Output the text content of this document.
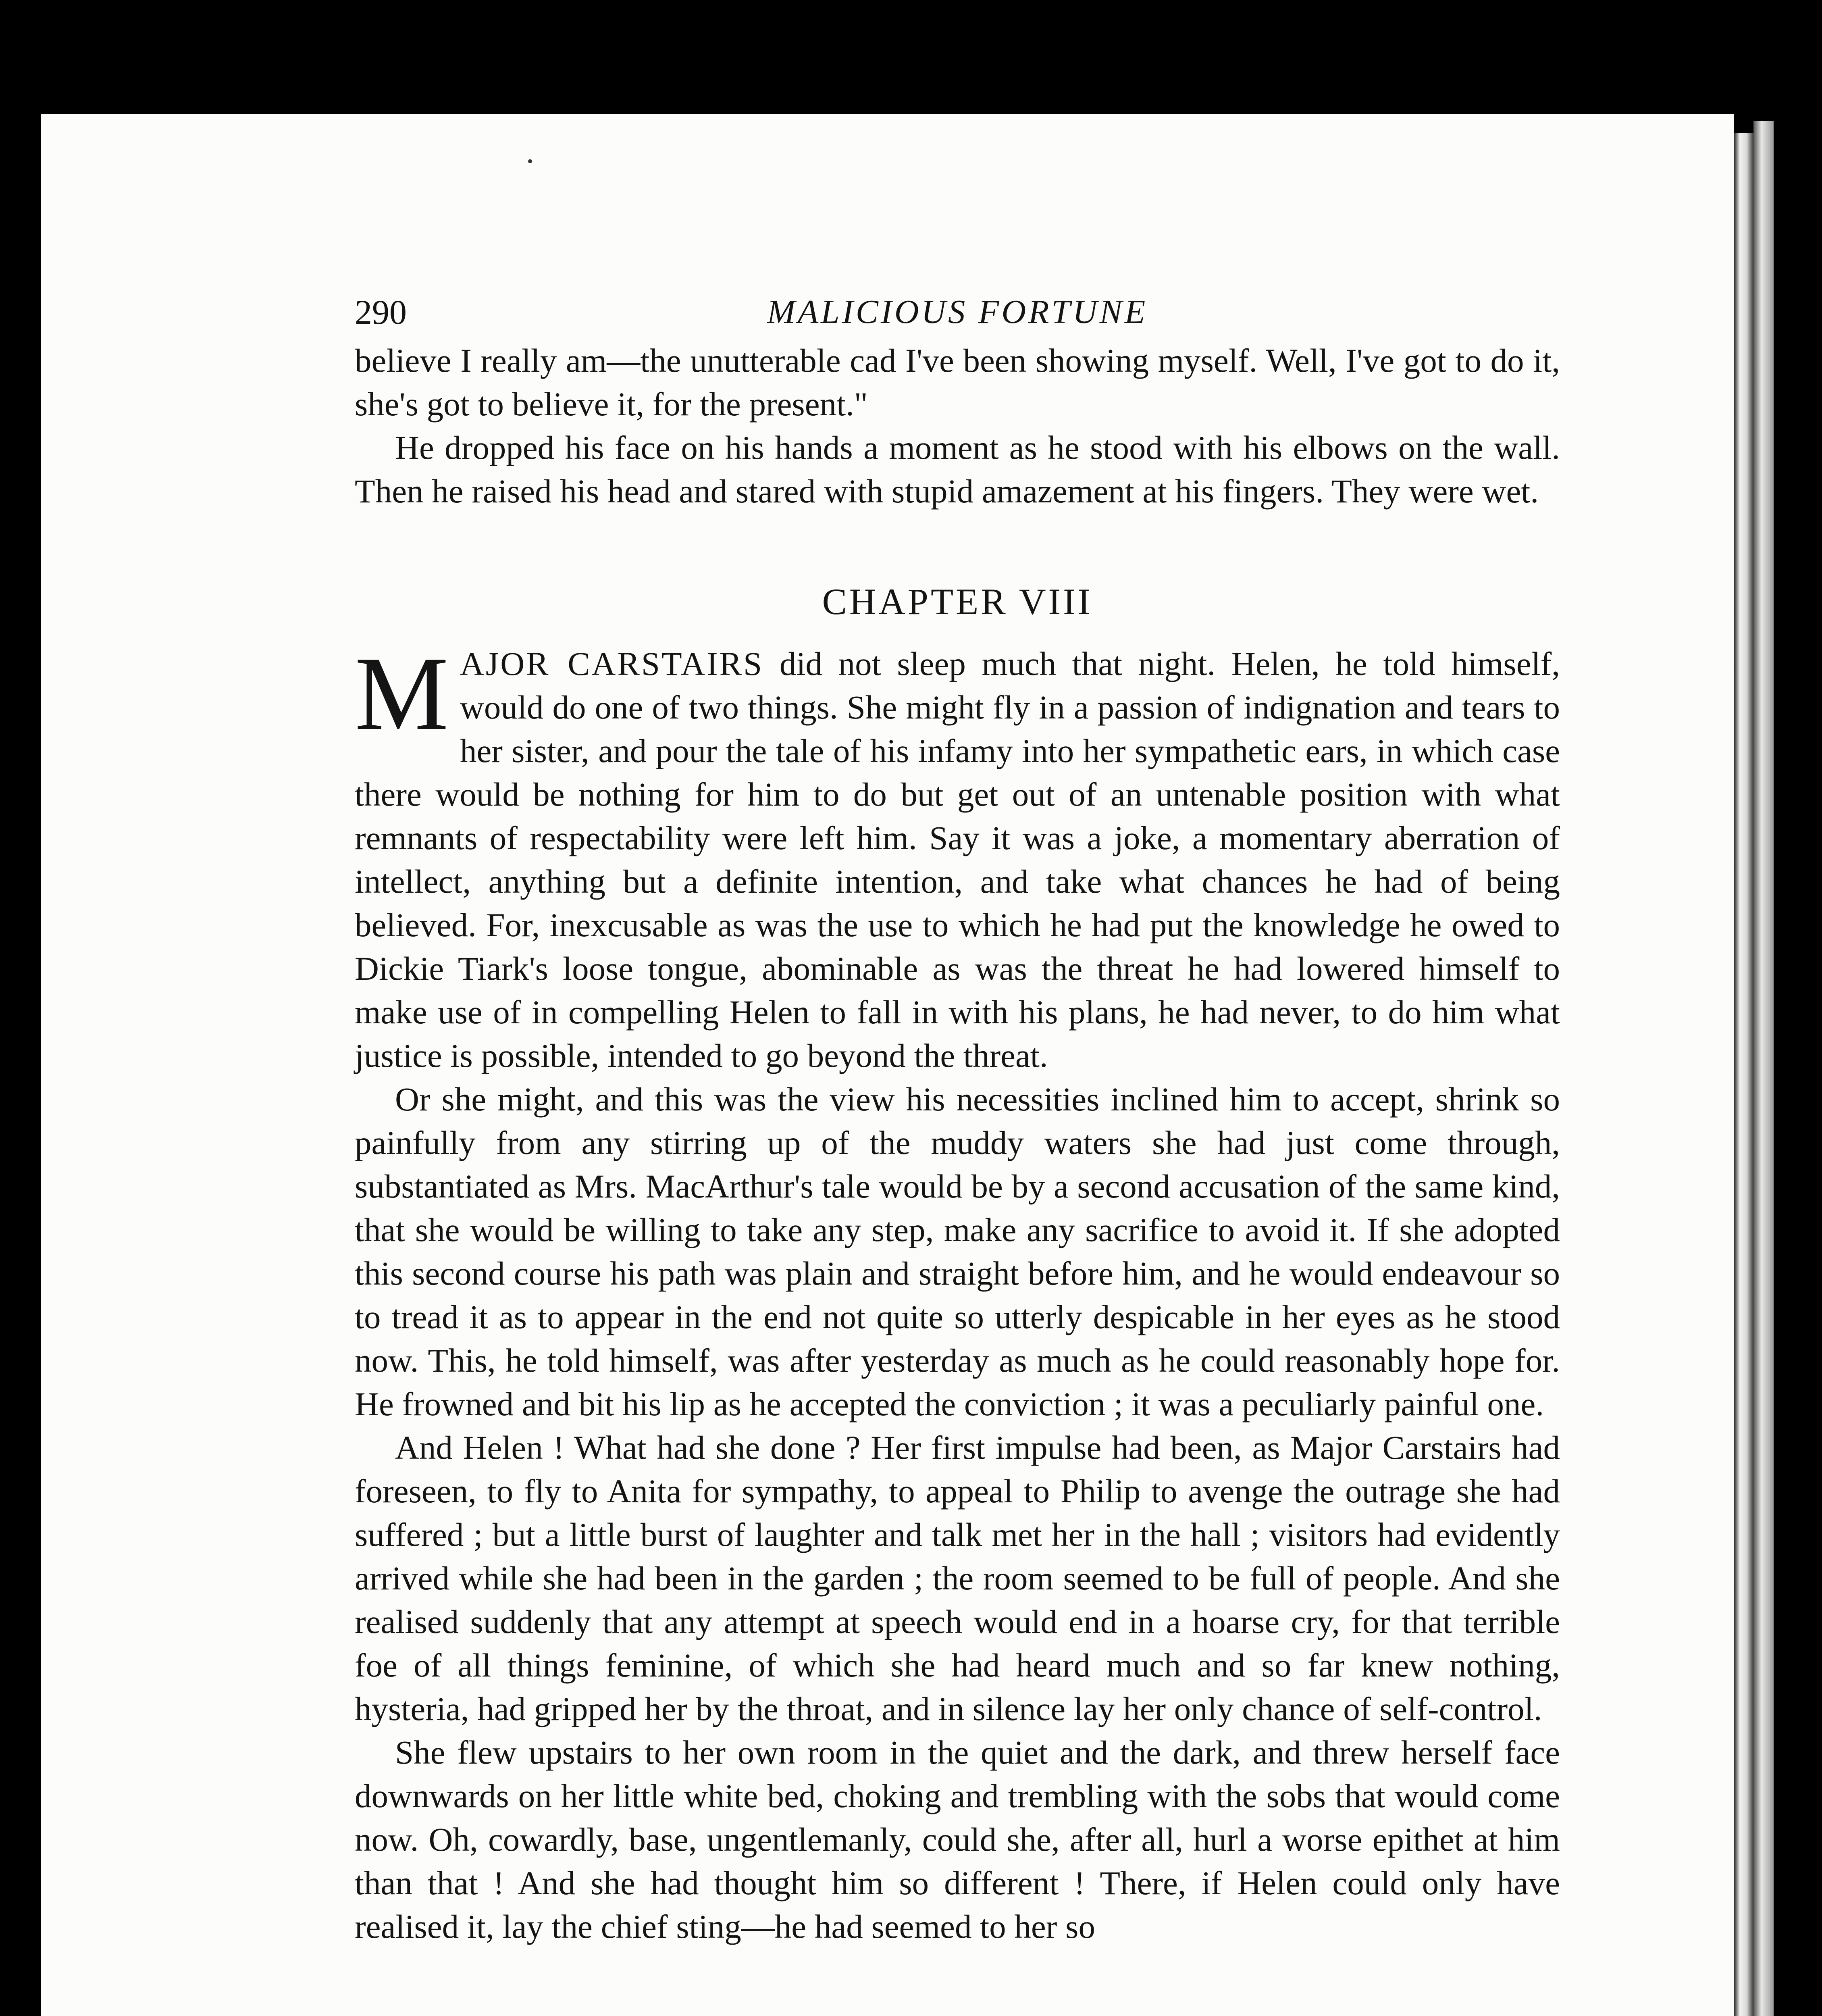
290	MALICIOUS FORTUNE

believe I really am—the unutterable cad I've been showing myself. Well, I've got to do it, she's got to believe it, for the present."

He dropped his face on his hands a moment as he stood with his elbows on the wall. Then he raised his head and stared with stupid amazement at his fingers. They were wet.

CHAPTER VIII

MAJOR CARSTAIRS did not sleep much that night. Helen, he told himself, would do one of two things. She might fly in a passion of indignation and tears to her sister, and pour the tale of his infamy into her sympathetic ears, in which case there would be nothing for him to do but get out of an untenable position with what remnants of respectability were left him. Say it was a joke, a momentary aberration of intellect, anything but a definite intention, and take what chances he had of being believed. For, inexcusable as was the use to which he had put the knowledge he owed to Dickie Tiark's loose tongue, abominable as was the threat he had lowered himself to make use of in compelling Helen to fall in with his plans, he had never, to do him what justice is possible, intended to go beyond the threat.

Or she might, and this was the view his necessities inclined him to accept, shrink so painfully from any stirring up of the muddy waters she had just come through, substantiated as Mrs. MacArthur's tale would be by a second accusation of the same kind, that she would be willing to take any step, make any sacrifice to avoid it. If she adopted this second course his path was plain and straight before him, and he would endeavour so to tread it as to appear in the end not quite so utterly despicable in her eyes as he stood now. This, he told himself, was after yesterday as much as he could reasonably hope for. He frowned and bit his lip as he accepted the conviction ; it was a peculiarly painful one.

And Helen ! What had she done ? Her first impulse had been, as Major Carstairs had foreseen, to fly to Anita for sympathy, to appeal to Philip to avenge the outrage she had suffered ; but a little burst of laughter and talk met her in the hall ; visitors had evidently arrived while she had been in the garden ; the room seemed to be full of people. And she realised suddenly that any attempt at speech would end in a hoarse cry, for that terrible foe of all things feminine, of which she had heard much and so far knew nothing, hysteria, had gripped her by the throat, and in silence lay her only chance of self-control.

She flew upstairs to her own room in the quiet and the dark, and threw herself face downwards on her little white bed, choking and trembling with the sobs that would come now. Oh, cowardly, base, ungentlemanly, could she, after all, hurl a worse epithet at him than that ! And she had thought him so different ! There, if Helen could only have realised it, lay the chief sting—he had seemed to her so
